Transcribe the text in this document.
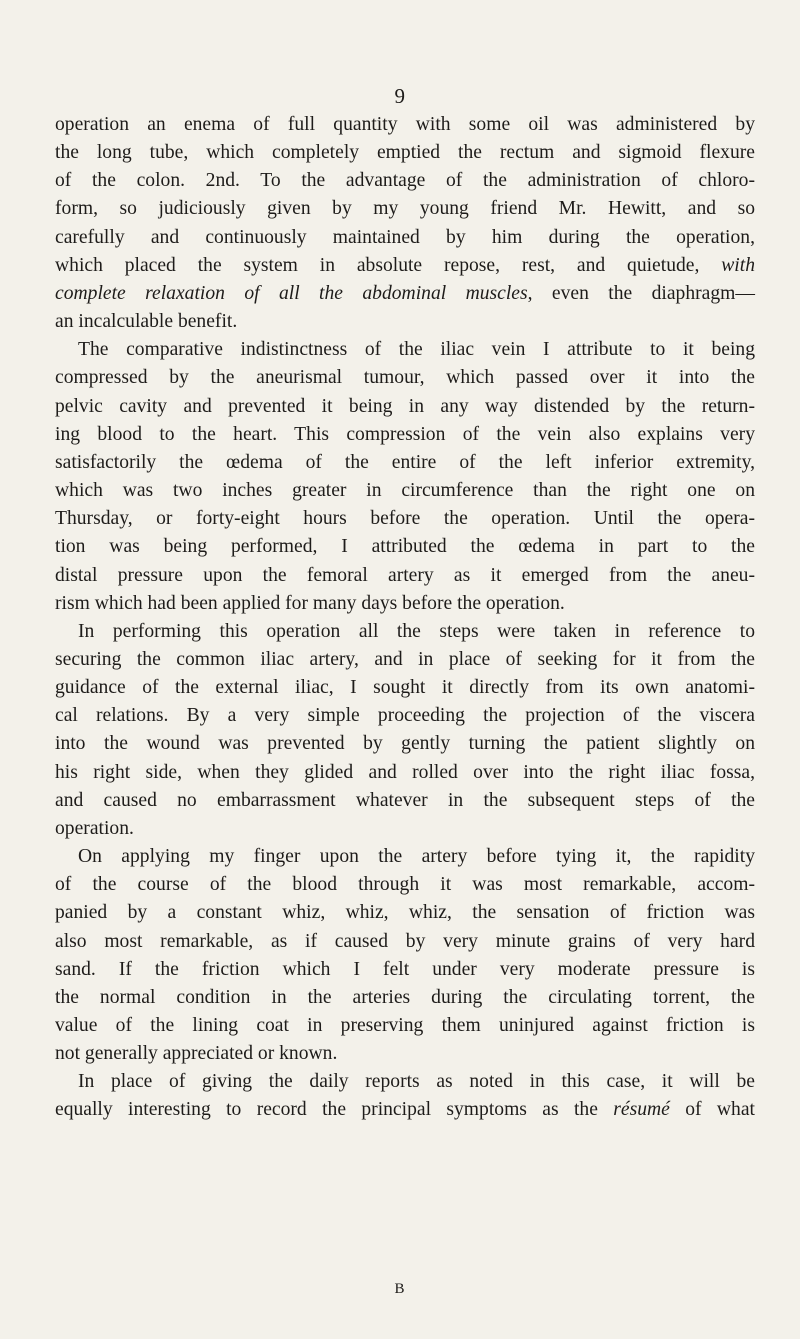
9

operation an enema of full quantity with some oil was administered by
the long tube, which completely emptied the rectum and sigmoid flexure
of the colon. 2nd. To the advantage of the administration of chloro-
form, so judiciously given by my young friend Mr. Hewitt, and so
carefully and continuously maintained by him during the operation,
which placed the system in absolute repose, rest, and quietude, with
complete relaxation of all the abdominal muscles, even the diaphragm—
an incalculable benefit.

The comparative indistinctness of the iliac vein I attribute to it being
compressed by the aneurismal tumour, which passed over it into the
pelvic cavity and prevented it being in any way distended by the return-
ing blood to the heart. This compression of the vein also explains very
satisfactorily the œdema of the entire of the left inferior extremity,
which was two inches greater in circumference than the right one on
Thursday, or forty-eight hours before the operation. Until the opera-
tion was being performed, I attributed the œdema in part to the
distal pressure upon the femoral artery as it emerged from the aneu-
rism which had been applied for many days before the operation.

In performing this operation all the steps were taken in reference to
securing the common iliac artery, and in place of seeking for it from the
guidance of the external iliac, I sought it directly from its own anatomi-
cal relations. By a very simple proceeding the projection of the viscera
into the wound was prevented by gently turning the patient slightly on
his right side, when they glided and rolled over into the right iliac fossa,
and caused no embarrassment whatever in the subsequent steps of the
operation.

On applying my finger upon the artery before tying it, the rapidity
of the course of the blood through it was most remarkable, accom-
panied by a constant whiz, whiz, whiz, the sensation of friction was
also most remarkable, as if caused by very minute grains of very hard
sand. If the friction which I felt under very moderate pressure is
the normal condition in the arteries during the circulating torrent, the
value of the lining coat in preserving them uninjured against friction is
not generally appreciated or known.

In place of giving the daily reports as noted in this case, it will be
equally interesting to record the principal symptoms as the résumé of what

B
